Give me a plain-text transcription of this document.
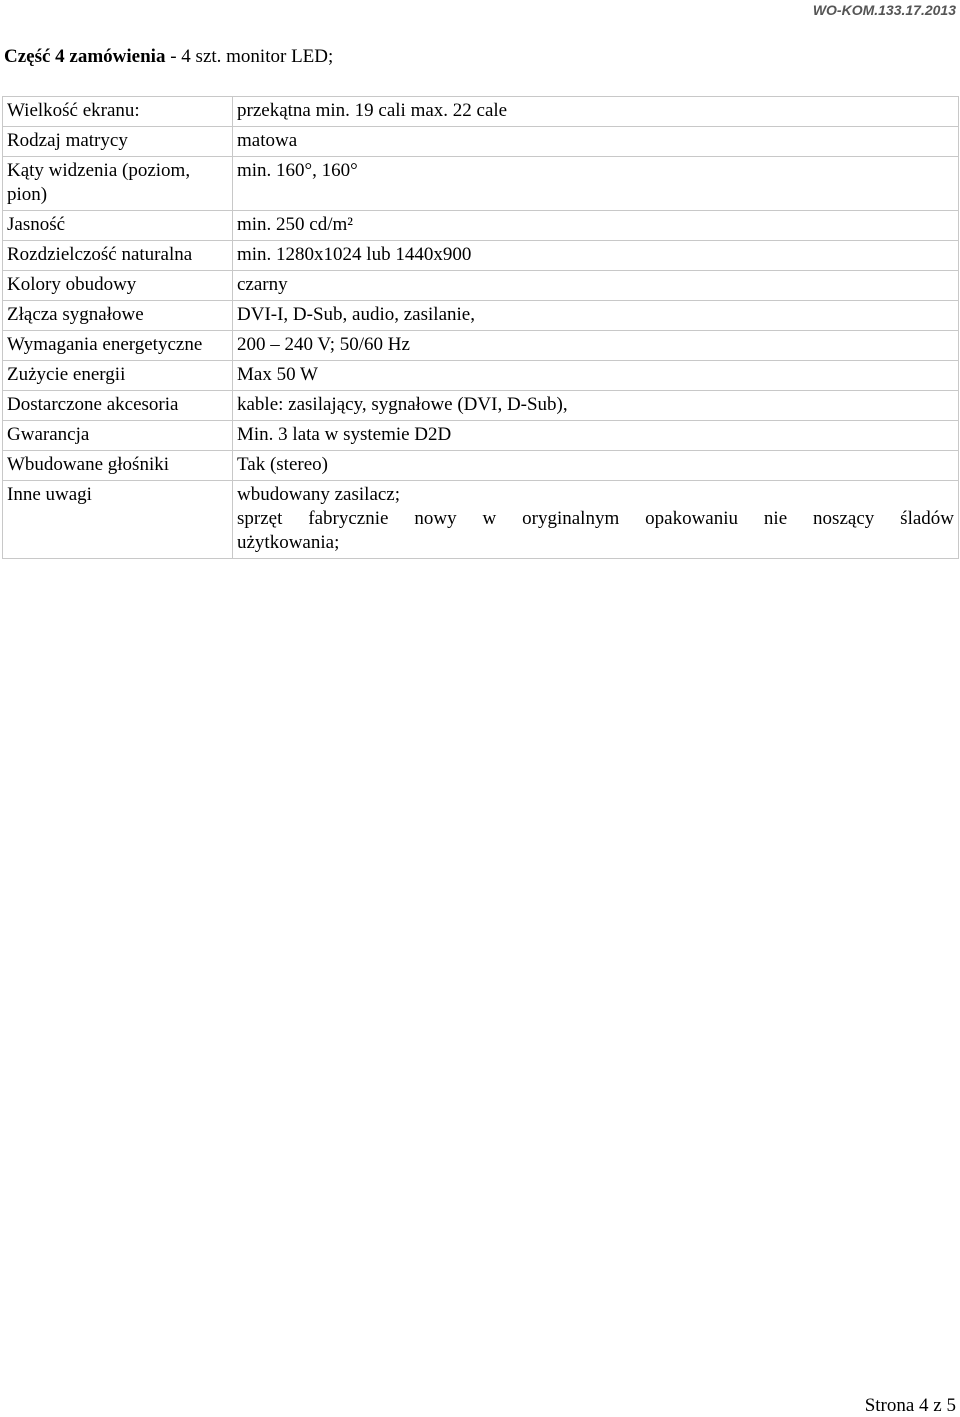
WO-KOM.133.17.2013
Część 4 zamówienia - 4 szt. monitor LED;
Wielkość ekranu:	przekątna min. 19 cali max. 22 cale
Rodzaj matrycy	matowa
Kąty widzenia (poziom, pion)	min. 160°, 160°
Jasność	min. 250 cd/m²
Rozdzielczość naturalna	min. 1280x1024 lub 1440x900
Kolory obudowy	czarny
Złącza sygnałowe	DVI-I, D-Sub, audio, zasilanie,
Wymagania energetyczne	200 – 240 V; 50/60 Hz
Zużycie energii	Max 50 W
Dostarczone akcesoria	kable: zasilający, sygnałowe (DVI, D-Sub),
Gwarancja	Min. 3 lata w systemie D2D
Wbudowane głośniki	Tak (stereo)
Inne uwagi	wbudowany zasilacz;
sprzęt fabrycznie nowy w oryginalnym opakowaniu nie noszący śladów
użytkowania;
Strona 4 z 5
